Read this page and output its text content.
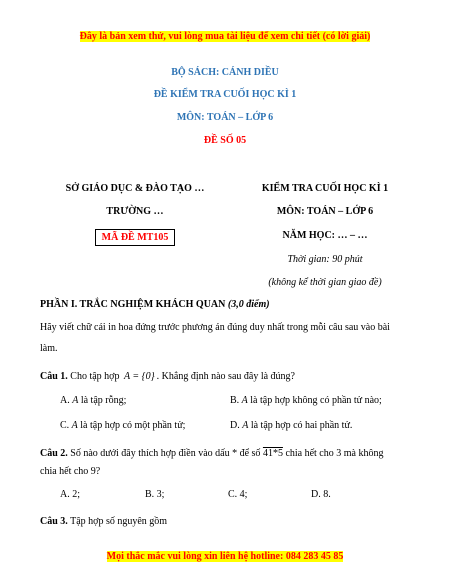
Đây là bản xem thử, vui lòng mua tài liệu để xem chi tiết (có lời giải)
BỘ SÁCH: CÁNH DIỀU
ĐỀ KIỂM TRA CUỐI HỌC KÌ 1
MÔN: TOÁN – LỚP 6
ĐỀ SỐ 05
SỞ GIÁO DỤC & ĐÀO TẠO …
TRƯỜNG …
MÃ ĐỀ MT105
KIỂM TRA CUỐI HỌC KÌ 1
MÔN: TOÁN – LỚP 6
NĂM HỌC: … – …
Thời gian: 90 phút
(không kể thời gian giao đề)
PHẦN I. TRẮC NGHIỆM KHÁCH QUAN (3,0 điểm)
Hãy viết chữ cái in hoa đứng trước phương án đúng duy nhất trong mỗi câu sau vào bài
làm.
Câu 1. Cho tập hợp A = {0} . Khẳng định nào sau đây là đúng?
A. A là tập rỗng;	B. A là tập hợp không có phần tử nào;
C. A là tập hợp có một phần tử;	D. A là tập hợp có hai phần tử.
Câu 2. Số nào dưới đây thích hợp điền vào dấu * để số 41*5 chia hết cho 3 mà không
chia hết cho 9?
A. 2;	B. 3;	C. 4;	D. 8.
Câu 3. Tập hợp số nguyên gồm
Mọi thắc mắc vui lòng xin liên hệ hotline: 084 283 45 85
